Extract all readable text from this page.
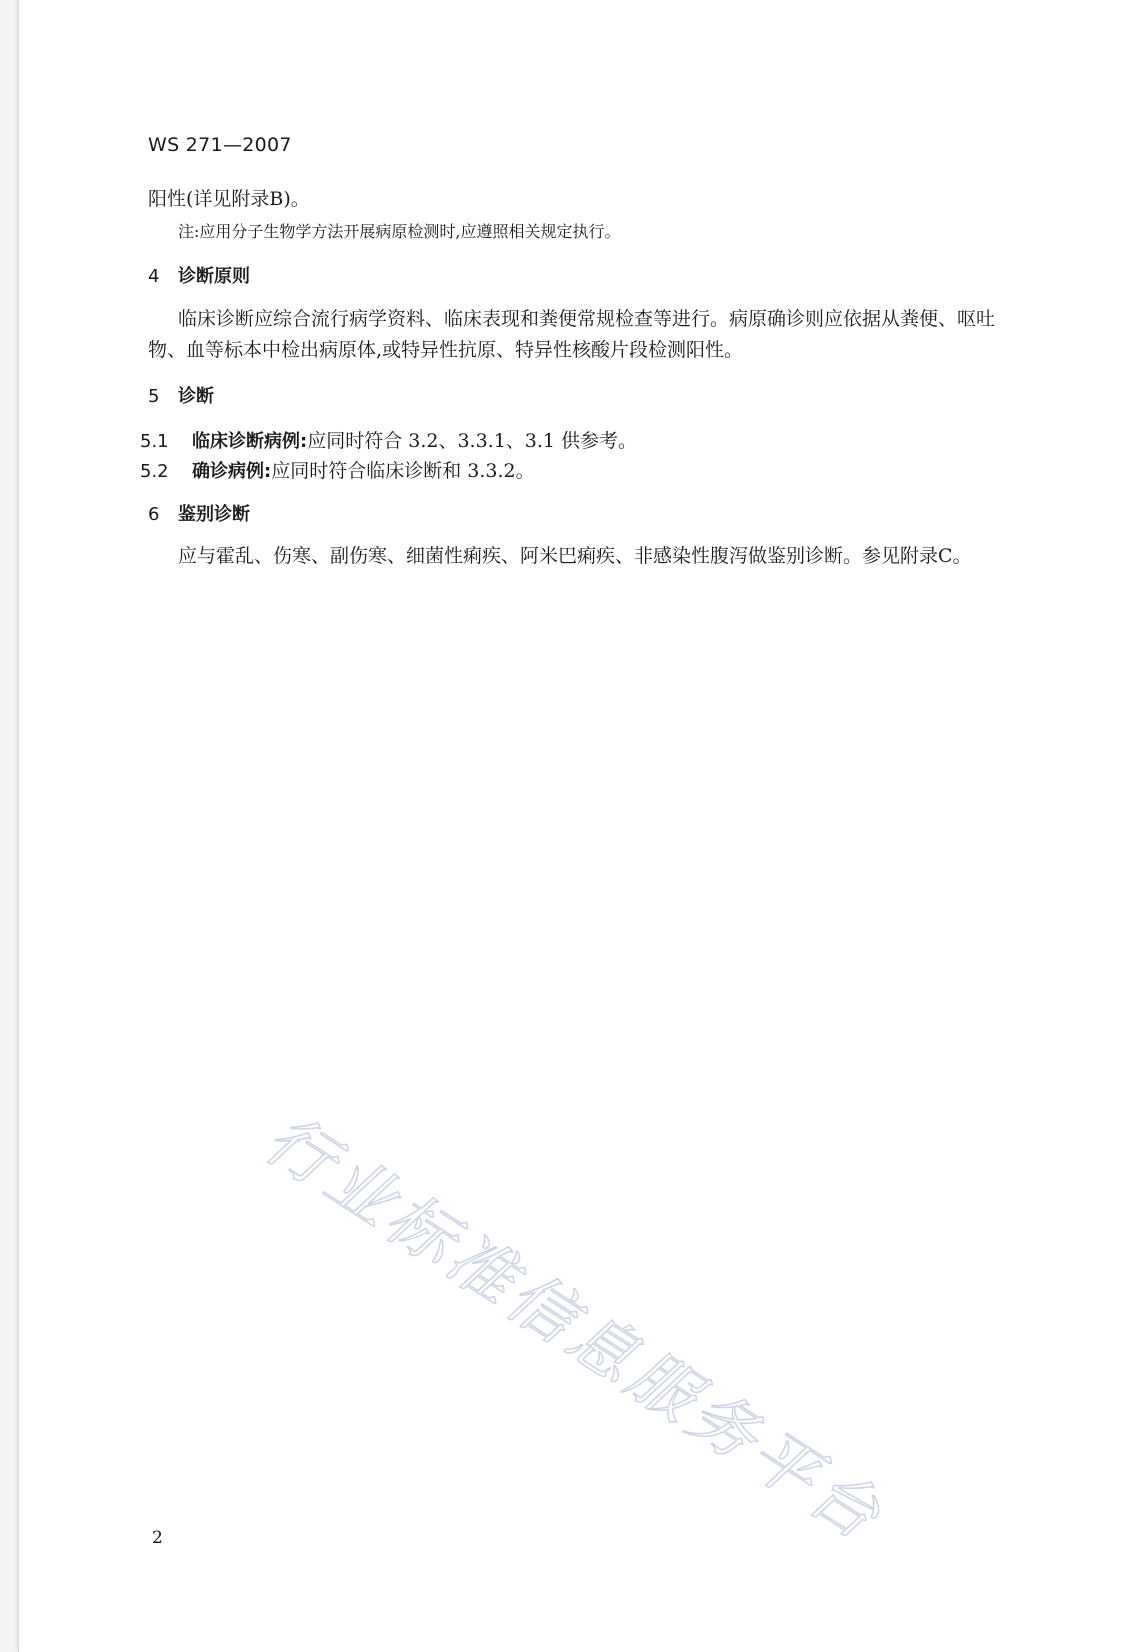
WS 271—2007
阳性(详见附录B)。
注:应用分子生物学方法开展病原检测时,应遵照相关规定执行。
4 诊断原则
临床诊断应综合流行病学资料、临床表现和粪便常规检查等进行。病原确诊则应依据从粪便、呕吐
物、血等标本中检出病原体,或特异性抗原、特异性核酸片段检测阳性。
5 诊断
5.1 临床诊断病例:应同时符合 3.2、3.3.1、3.1 供参考。
5.2 确诊病例:应同时符合临床诊断和 3.3.2。
6 鉴别诊断
应与霍乱、伤寒、副伤寒、细菌性痢疾、阿米巴痢疾、非感染性腹泻做鉴别诊断。参见附录C。
行业标准信息服务平台
2
